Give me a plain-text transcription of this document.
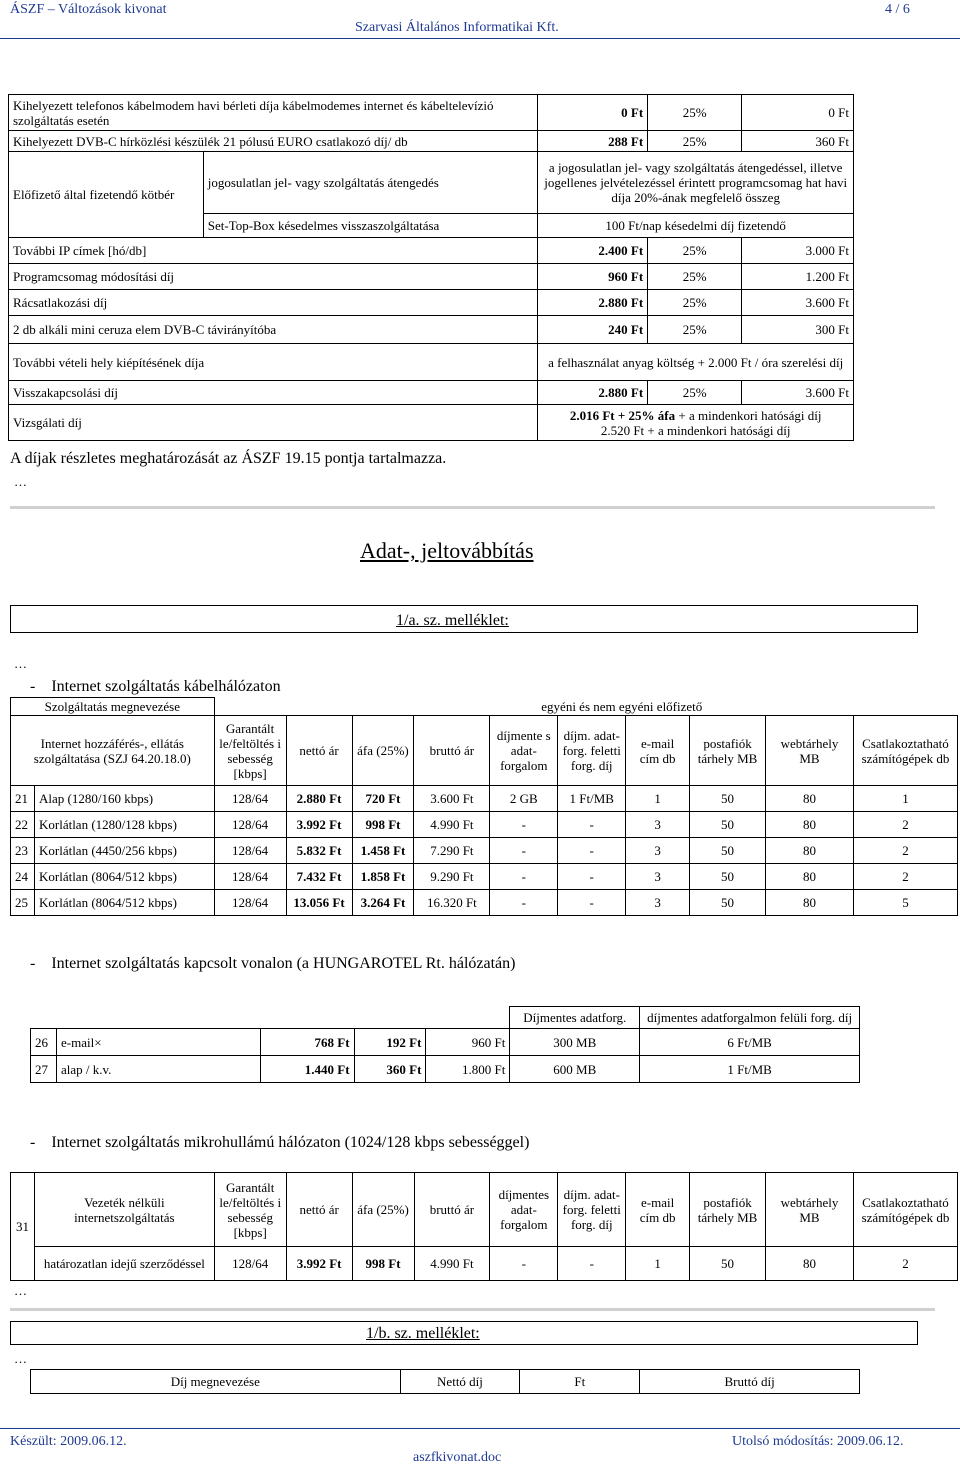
ÁSZF – Változások kivonat
Szarvasi Általános Informatikai Kft.
4 / 6
Kihelyezett telefonos kábelmodem havi bérleti díja kábelmodemes internet és kábeltelevízió szolgáltatás esetén		0 Ft	25%	0 Ft
Kihelyezett DVB-C hírközlési készülék 21 pólusú EURO csatlakozó díj/ db		288 Ft	25%	360 Ft
Előfizető által fizetendő kötbér	jogosulatlan jel- vagy szolgáltatás átengedés	a jogosulatlan jel- vagy szolgáltatás átengedéssel, illetve jogellenes jelvételezéssel érintett programcsomag hat havi díja 20%-ának megfelelő összeg		
	Set-Top-Box késedelmes visszaszolgáltatása	100 Ft/nap késedelmi díj fizetendő		
További IP címek [hó/db]		2.400 Ft	25%	3.000 Ft
Programcsomag módosítási díj		960 Ft	25%	1.200 Ft
Rácsatlakozási díj		2.880 Ft	25%	3.600 Ft
2 db alkáli mini ceruza elem DVB-C távirányítóba		240 Ft	25%	300 Ft
További vételi hely kiépítésének díja		a felhasználat anyag költség + 2.000 Ft / óra szerelési díj		
Visszakapcsolási díj		2.880 Ft	25%	3.600 Ft
Vizsgálati díj		2.016 Ft + 25% áfa + a mindenkori hatósági díj
2.520 Ft + a mindenkori hatósági díj		
A díjak részletes meghatározását az ÁSZF 19.15 pontja tartalmazza.
…
Adat-, jeltovábbítás
1/a. sz. melléklet:
…
-    Internet szolgáltatás kábelhálózaton
Szolgáltatás megnevezése			egyéni és nem egyéni előfizető								
Internet hozzáférés-, ellátás szolgáltatása (SZJ 64.20.18.0)		Garantált le/feltöltés i sebesség [kbps]	nettó ár	áfa (25%)	bruttó ár	díjmente s adat-forgalom	díjm. adat-forg. feletti forg. díj	e-mail cím db	postafiók tárhely MB	webtárhely MB	Csatlakoztatható számítógépek db
21	Alap (1280/160 kbps)	128/64	2.880 Ft	720 Ft	3.600 Ft	2 GB	1 Ft/MB	1	50	80	1
22	Korlátlan (1280/128 kbps)	128/64	3.992 Ft	998 Ft	4.990 Ft	-	-	3	50	80	2
23	Korlátlan (4450/256 kbps)	128/64	5.832 Ft	1.458 Ft	7.290 Ft	-	-	3	50	80	2
24	Korlátlan (8064/512 kbps)	128/64	7.432 Ft	1.858 Ft	9.290 Ft	-	-	3	50	80	2
25	Korlátlan (8064/512 kbps)	128/64	13.056 Ft	3.264 Ft	16.320 Ft	-	-	3	50	80	5
-    Internet szolgáltatás kapcsolt vonalon (a HUNGAROTEL Rt. hálózatán)
					Díjmentes adatforg.	díjmentes adatforgalmon felüli forg. díj
26	e-mail×	768 Ft	192 Ft	960 Ft	300 MB	6 Ft/MB
27	alap / k.v.	1.440 Ft	360 Ft	1.800 Ft	600 MB	1 Ft/MB
-    Internet szolgáltatás mikrohullámú hálózaton (1024/128 kbps sebességgel)
31	Vezeték nélküli internetszolgáltatás	Garantált le/feltöltés i sebesség [kbps]	nettó ár	áfa (25%)	bruttó ár	díjmentes adat-forgalom	díjm. adat-forg. feletti forg. díj	e-mail cím db	postafiók tárhely MB	webtárhely MB	Csatlakoztatható számítógépek db
	határozatlan idejű szerződéssel	128/64	3.992 Ft	998 Ft	4.990 Ft	-	-	1	50	80	2
…
1/b. sz. melléklet:
…
Díj megnevezése	Nettó díj	Ft	Bruttó díj
Készült: 2009.06.12.
aszfkivonat.doc
Utolsó módosítás: 2009.06.12.
